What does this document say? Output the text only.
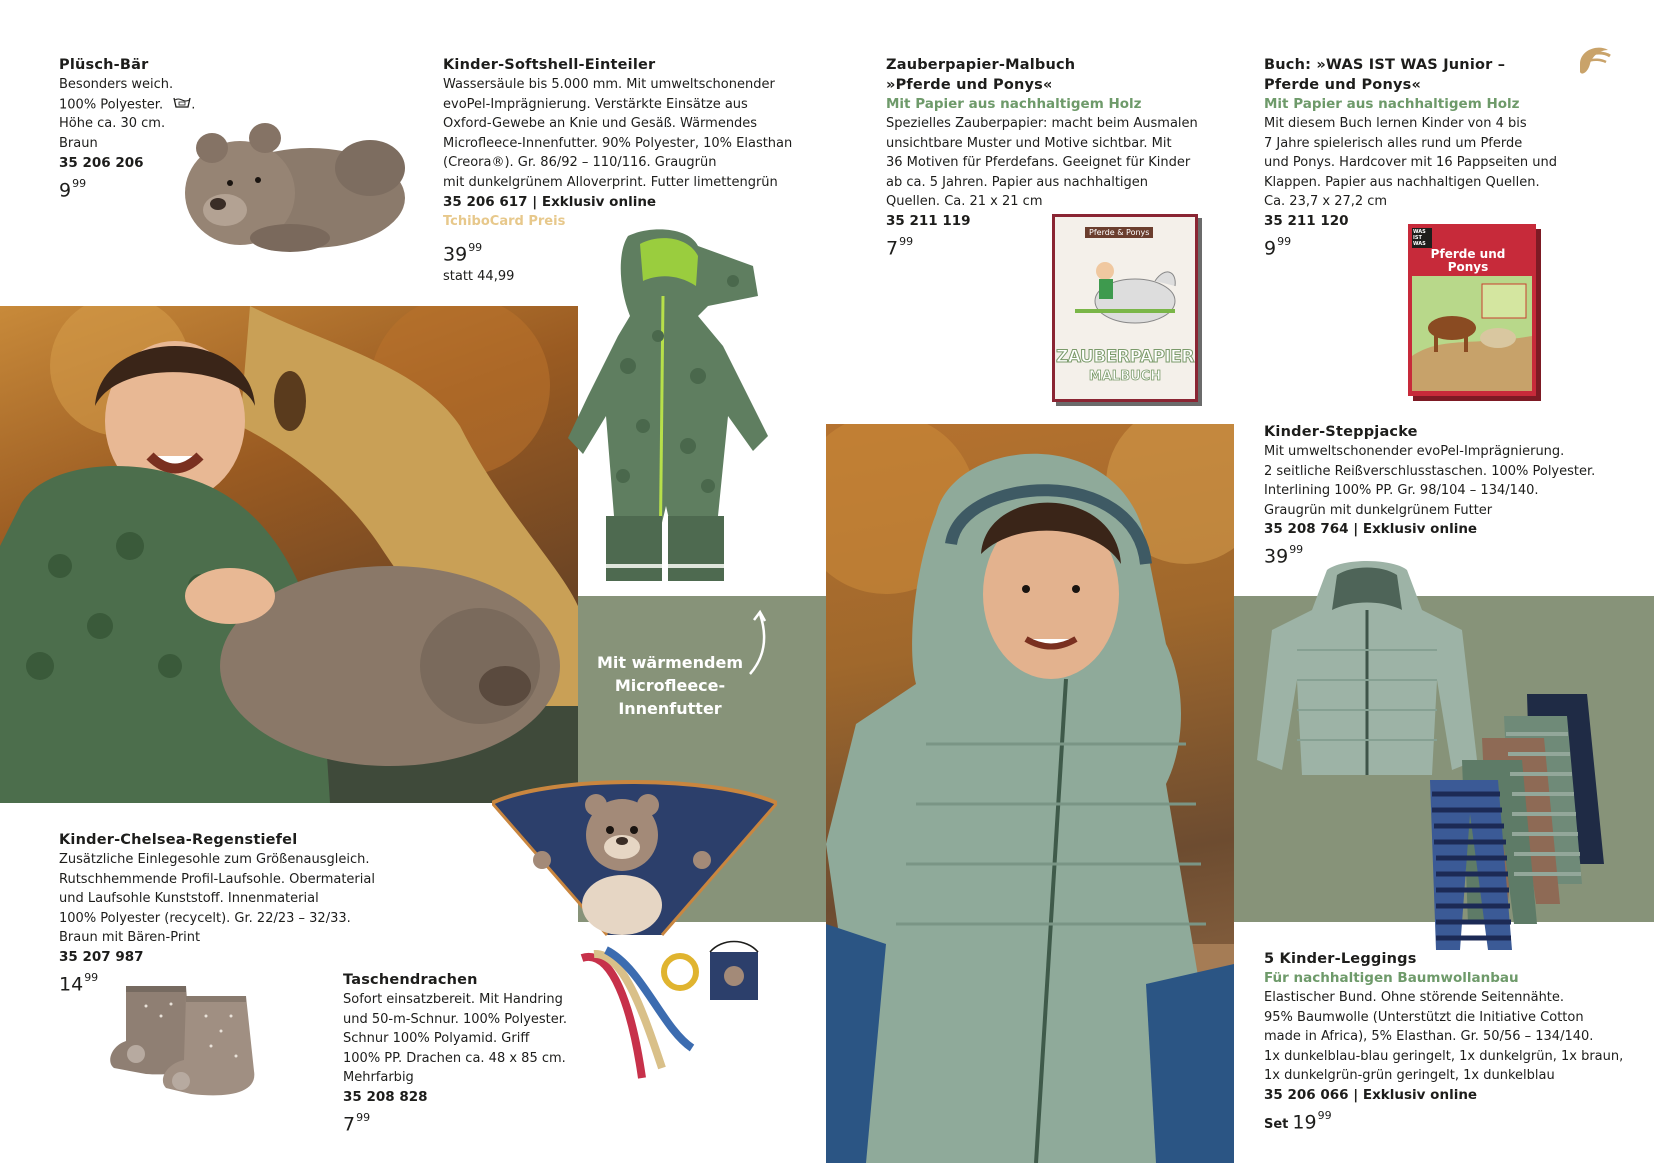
Plüsch-Bär

Besonders weich.
100% Polyester. .
Höhe ca. 30 cm.
Braun

35 206 206
$9^{99}$
Kinder-Softshell-Einteiler

Wassersäule bis 5.000 mm. Mit umweltschonender
evoPel-Imprägnierung. Verstärkte Einsätze aus
Oxford-Gewebe an Knie und Gesäß. Wärmendes
Microfleece-Innenfutter. 90% Polyester, 10% Elasthan
(Creora®). Gr. 86/92 – 110/116. Graugrün
mit dunkelgrünem Alloverprint. Futter limettengrün

35 206 617 | Exklusiv online
TchiboCard Preis
$39^{99}$
statt 44,99
Mit wärmendem
Microfleece-
Innenfutter
Zauberpapier-Malbuch
»Pferde und Ponys«
Mit Papier aus nachhaltigem Holz

Spezielles Zauberpapier: macht beim Ausmalen
unsichtbare Muster und Motive sichtbar. Mit
36 Motiven für Pferdefans. Geeignet für Kinder
ab ca. 5 Jahren. Papier aus nachhaltigen
Quellen. Ca. 21 x 21 cm

35 211 119
$7^{99}$
Pferde & Ponys
ZAUBERPAPIER
MALBUCH
Buch: »WAS IST WAS Junior –
Pferde und Ponys«
Mit Papier aus nachhaltigem Holz

Mit diesem Buch lernen Kinder von 4 bis
7 Jahre spielerisch alles rund um Pferde
und Ponys. Hardcover mit 16 Pappseiten und
Klappen. Papier aus nachhaltigen Quellen.
Ca. 23,7 x 27,2 cm

35 211 120
$9^{99}$
WAS IST WAS
Pferde und Ponys
Kinder-Steppjacke

Mit umweltschonender evoPel-Imprägnierung.
2 seitliche Reißverschlusstaschen. 100% Polyester.
Interlining 100% PP. Gr. 98/104 – 134/140.
Graugrün mit dunkelgrünem Futter

35 208 764 | Exklusiv online
$39^{99}$
Kinder-Chelsea-Regenstiefel

Zusätzliche Einlegesohle zum Größenausgleich.
Rutschhemmende Profil-Laufsohle. Obermaterial
und Laufsohle Kunststoff. Innenmaterial
100% Polyester (recycelt). Gr. 22/23 – 32/33.
Braun mit Bären-Print

35 207 987
$14^{99}$	Taschendrachen

Sofort einsatzbereit. Mit Handring
und 50-m-Schnur. 100% Polyester.
Schnur 100% Polyamid. Griff
100% PP. Drachen ca. 48 x 85 cm.
Mehrfarbig

35 208 828
$7^{99}$
5 Kinder-Leggings
Für nachhaltigen Baumwollanbau

Elastischer Bund. Ohne störende Seitennähte.
95% Baumwolle (Unterstützt die Initiative Cotton
made in Africa), 5% Elasthan. Gr. 50/56 – 134/140.
1x dunkelblau-blau geringelt, 1x dunkelgrün, 1x braun,
1x dunkelgrün-grün geringelt, 1x dunkelblau

35 206 066 | Exklusiv online
Set $19^{99}$
